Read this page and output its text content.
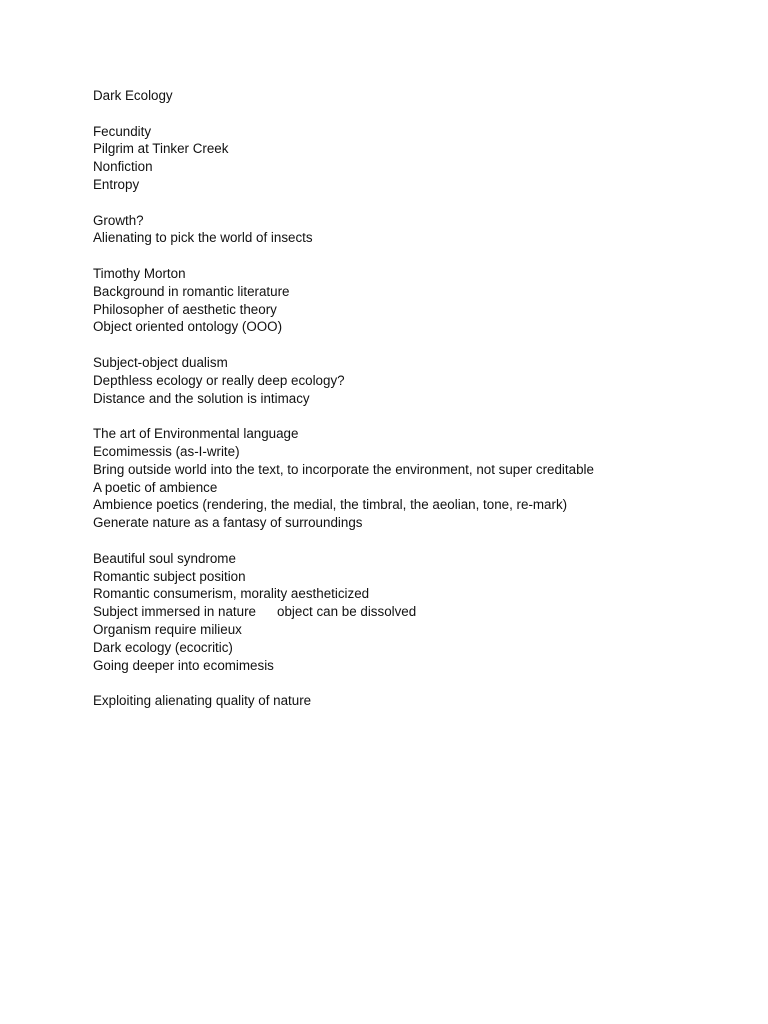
Dark Ecology
Fecundity
Pilgrim at Tinker Creek
Nonfiction
Entropy
Growth?
Alienating to pick the world of insects
Timothy Morton
Background in romantic literature
Philosopher of aesthetic theory
Object oriented ontology (OOO)
Subject-object dualism
Depthless ecology or really deep ecology?
Distance and the solution is intimacy
The art of Environmental language
Ecomimessis (as-I-write)
Bring outside world into the text, to incorporate the environment, not super creditable
A poetic of ambience
Ambience poetics (rendering, the medial, the timbral, the aeolian, tone, re-mark)
Generate nature as a fantasy of surroundings
Beautiful soul syndrome
Romantic subject position
Romantic consumerism, morality aestheticized
Subject immersed in nature object can be dissolved
Organism require milieux
Dark ecology (ecocritic)
Going deeper into ecomimesis
Exploiting alienating quality of nature
